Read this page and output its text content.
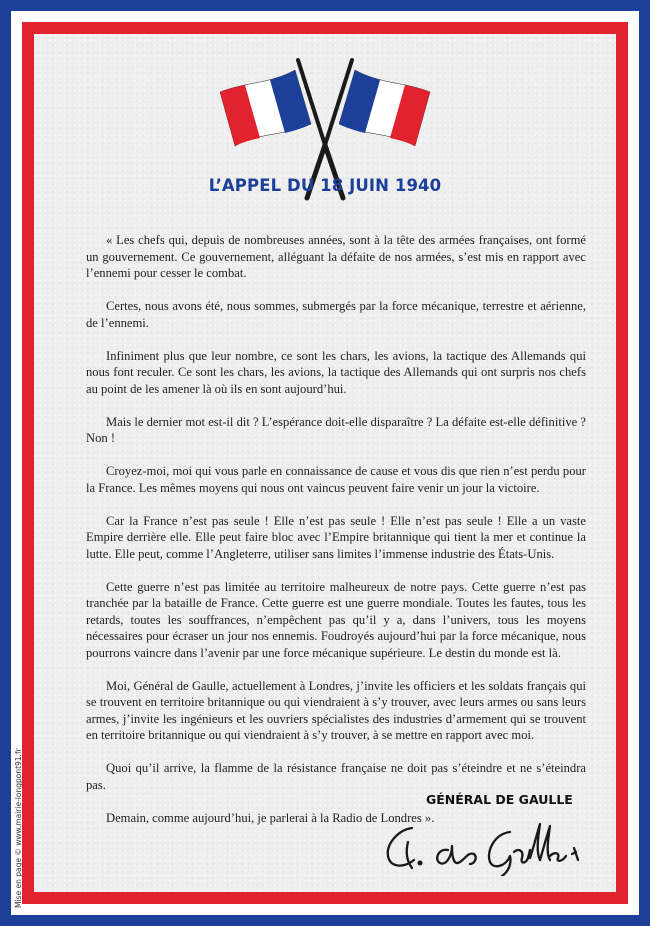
L’APPEL DU 18 JUIN 1940

« Les chefs qui, depuis de nombreuses années, sont à la tête des armées françaises, ont formé un gouvernement. Ce gouvernement, alléguant la défaite de nos armées, s’est mis en rapport avec l’ennemi pour cesser le combat.

Certes, nous avons été, nous sommes, submergés par la force mécanique, terrestre et aérienne, de l’ennemi.

Infiniment plus que leur nombre, ce sont les chars, les avions, la tactique des Allemands qui nous font reculer. Ce sont les chars, les avions, la tactique des Allemands qui ont surpris nos chefs au point de les amener là où ils en sont aujourd’hui.

Mais le dernier mot est-il dit ? L’espérance doit-elle disparaître ? La défaite est-elle définitive ? Non !

Croyez-moi, moi qui vous parle en connaissance de cause et vous dis que rien n’est perdu pour la France. Les mêmes moyens qui nous ont vaincus peuvent faire venir un jour la victoire.

Car la France n’est pas seule ! Elle n’est pas seule ! Elle n’est pas seule ! Elle a un vaste Empire derrière elle. Elle peut faire bloc avec l’Empire britannique qui tient la mer et continue la lutte. Elle peut, comme l’Angleterre, utiliser sans limites l’immense industrie des États-Unis.

Cette guerre n’est pas limitée au territoire malheureux de notre pays. Cette guerre n’est pas tranchée par la bataille de France. Cette guerre est une guerre mondiale. Toutes les fautes, tous les retards, toutes les souffrances, n’empêchent pas qu’il y a, dans l’univers, tous les moyens nécessaires pour écraser un jour nos ennemis. Foudroyés aujourd’hui par la force mécanique, nous pourrons vaincre dans l’avenir par une force mécanique supérieure. Le destin du monde est là.

Moi, Général de Gaulle, actuellement à Londres, j’invite les officiers et les soldats français qui se trouvent en territoire britannique ou qui viendraient à s’y trouver, avec leurs armes ou sans leurs armes, j’invite les ingénieurs et les ouvriers spécialistes des industries d’armement qui se trouvent en territoire britannique ou qui viendraient à s’y trouver, à se mettre en rapport avec moi.

Quoi qu’il arrive, la flamme de la résistance française ne doit pas s’éteindre et ne s’éteindra pas.

Demain, comme aujourd’hui, je parlerai à la Radio de Londres ».

GÉNÉRAL DE GAULLE
Mise en page © www.mairie-longpont91.fr
